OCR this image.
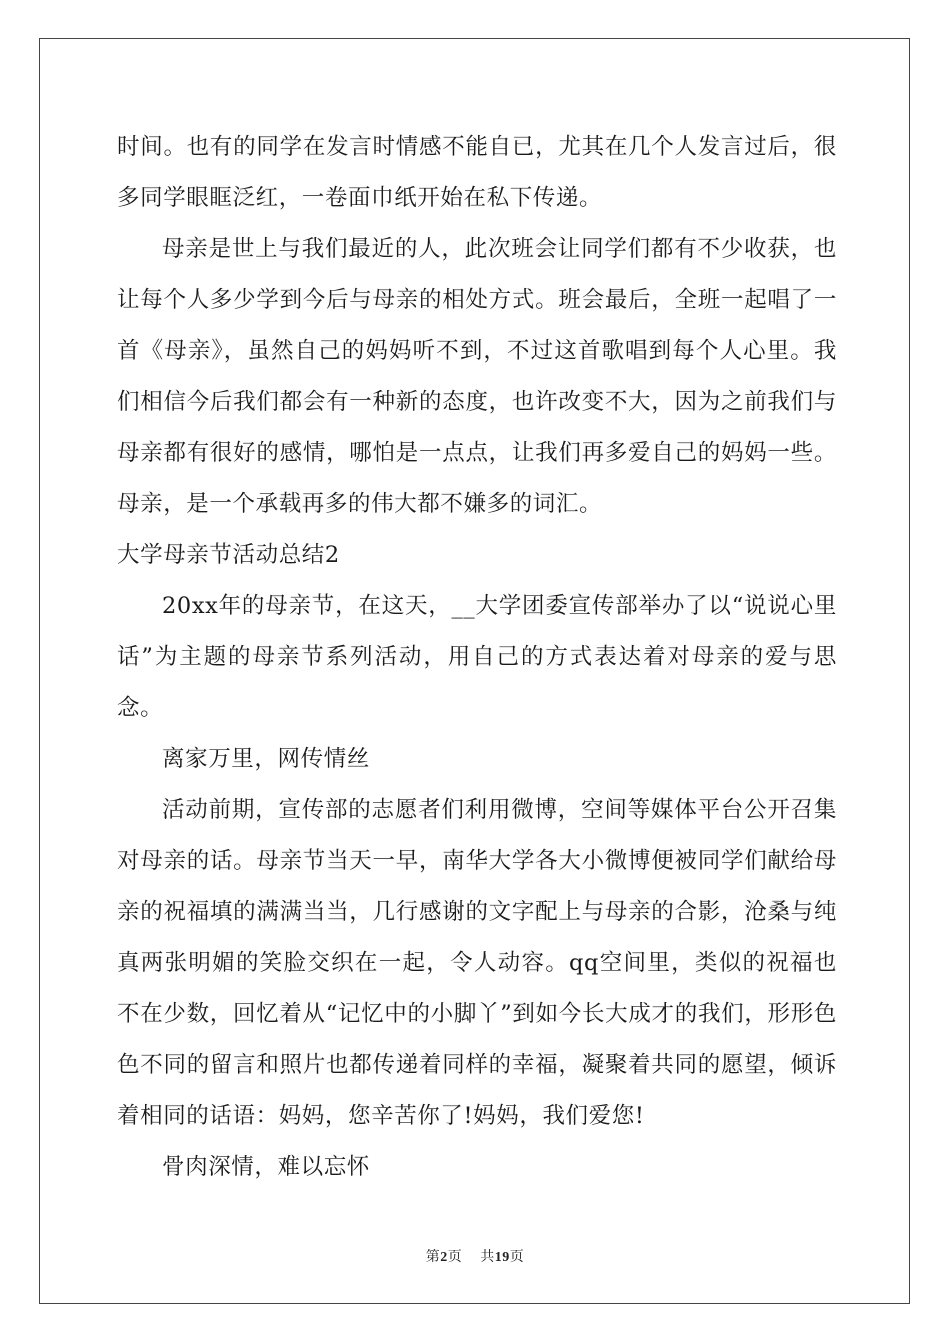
时间。也有的同学在发言时情感不能自已，尤其在几个人发言过后，很多同学眼眶泛红，一卷面巾纸开始在私下传递。

母亲是世上与我们最近的人，此次班会让同学们都有不少收获，也让每个人多少学到今后与母亲的相处方式。班会最后，全班一起唱了一首《母亲》，虽然自己的妈妈听不到，不过这首歌唱到每个人心里。我们相信今后我们都会有一种新的态度，也许改变不大，因为之前我们与母亲都有很好的感情，哪怕是一点点，让我们再多爱自己的妈妈一些。母亲，是一个承载再多的伟大都不嫌多的词汇。

大学母亲节活动总结2

20xx年的母亲节，在这天，__大学团委宣传部举办了以“说说心里话”为主题的母亲节系列活动，用自己的方式表达着对母亲的爱与思念。

离家万里，网传情丝

活动前期，宣传部的志愿者们利用微博，空间等媒体平台公开召集对母亲的话。母亲节当天一早，南华大学各大小微博便被同学们献给母亲的祝福填的满满当当，几行感谢的文字配上与母亲的合影，沧桑与纯真两张明媚的笑脸交织在一起，令人动容。qq空间里，类似的祝福也不在少数，回忆着从“记忆中的小脚丫”到如今长大成才的我们，形形色色不同的留言和照片也都传递着同样的幸福，凝聚着共同的愿望，倾诉着相同的话语：妈妈，您辛苦你了!妈妈，我们爱您!

骨肉深情，难以忘怀

第2页 共19页
